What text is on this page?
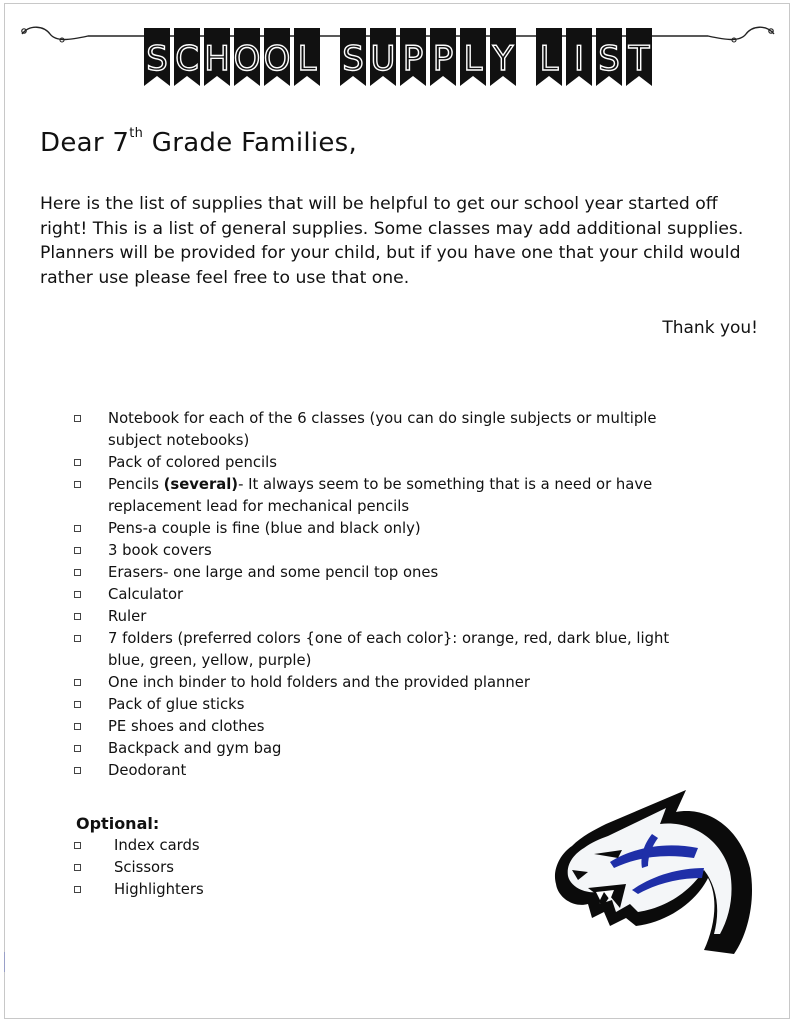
S C H O O L S U P P L Y L I S T
Dear 7th Grade Families,

Here is the list of supplies that will be helpful to get our school year started off right! This is a list of general supplies. Some classes may add additional supplies. Planners will be provided for your child, but if you have one that your child would rather use please feel free to use that one.

Thank you!

Notebook for each of the 6 classes (you can do single subjects or multiple subject notebooks)
Pack of colored pencils
Pencils (several)- It always seem to be something that is a need or have replacement lead for mechanical pencils
Pens-a couple is fine (blue and black only)
3 book covers
Erasers- one large and some pencil top ones
Calculator
Ruler
7 folders (preferred colors {one of each color}: orange, red, dark blue, light blue, green, yellow, purple)
One inch binder to hold folders and the provided planner
Pack of glue sticks
PE shoes and clothes
Backpack and gym bag
Deodorant

Optional:

Index cards
Scissors
Highlighters
